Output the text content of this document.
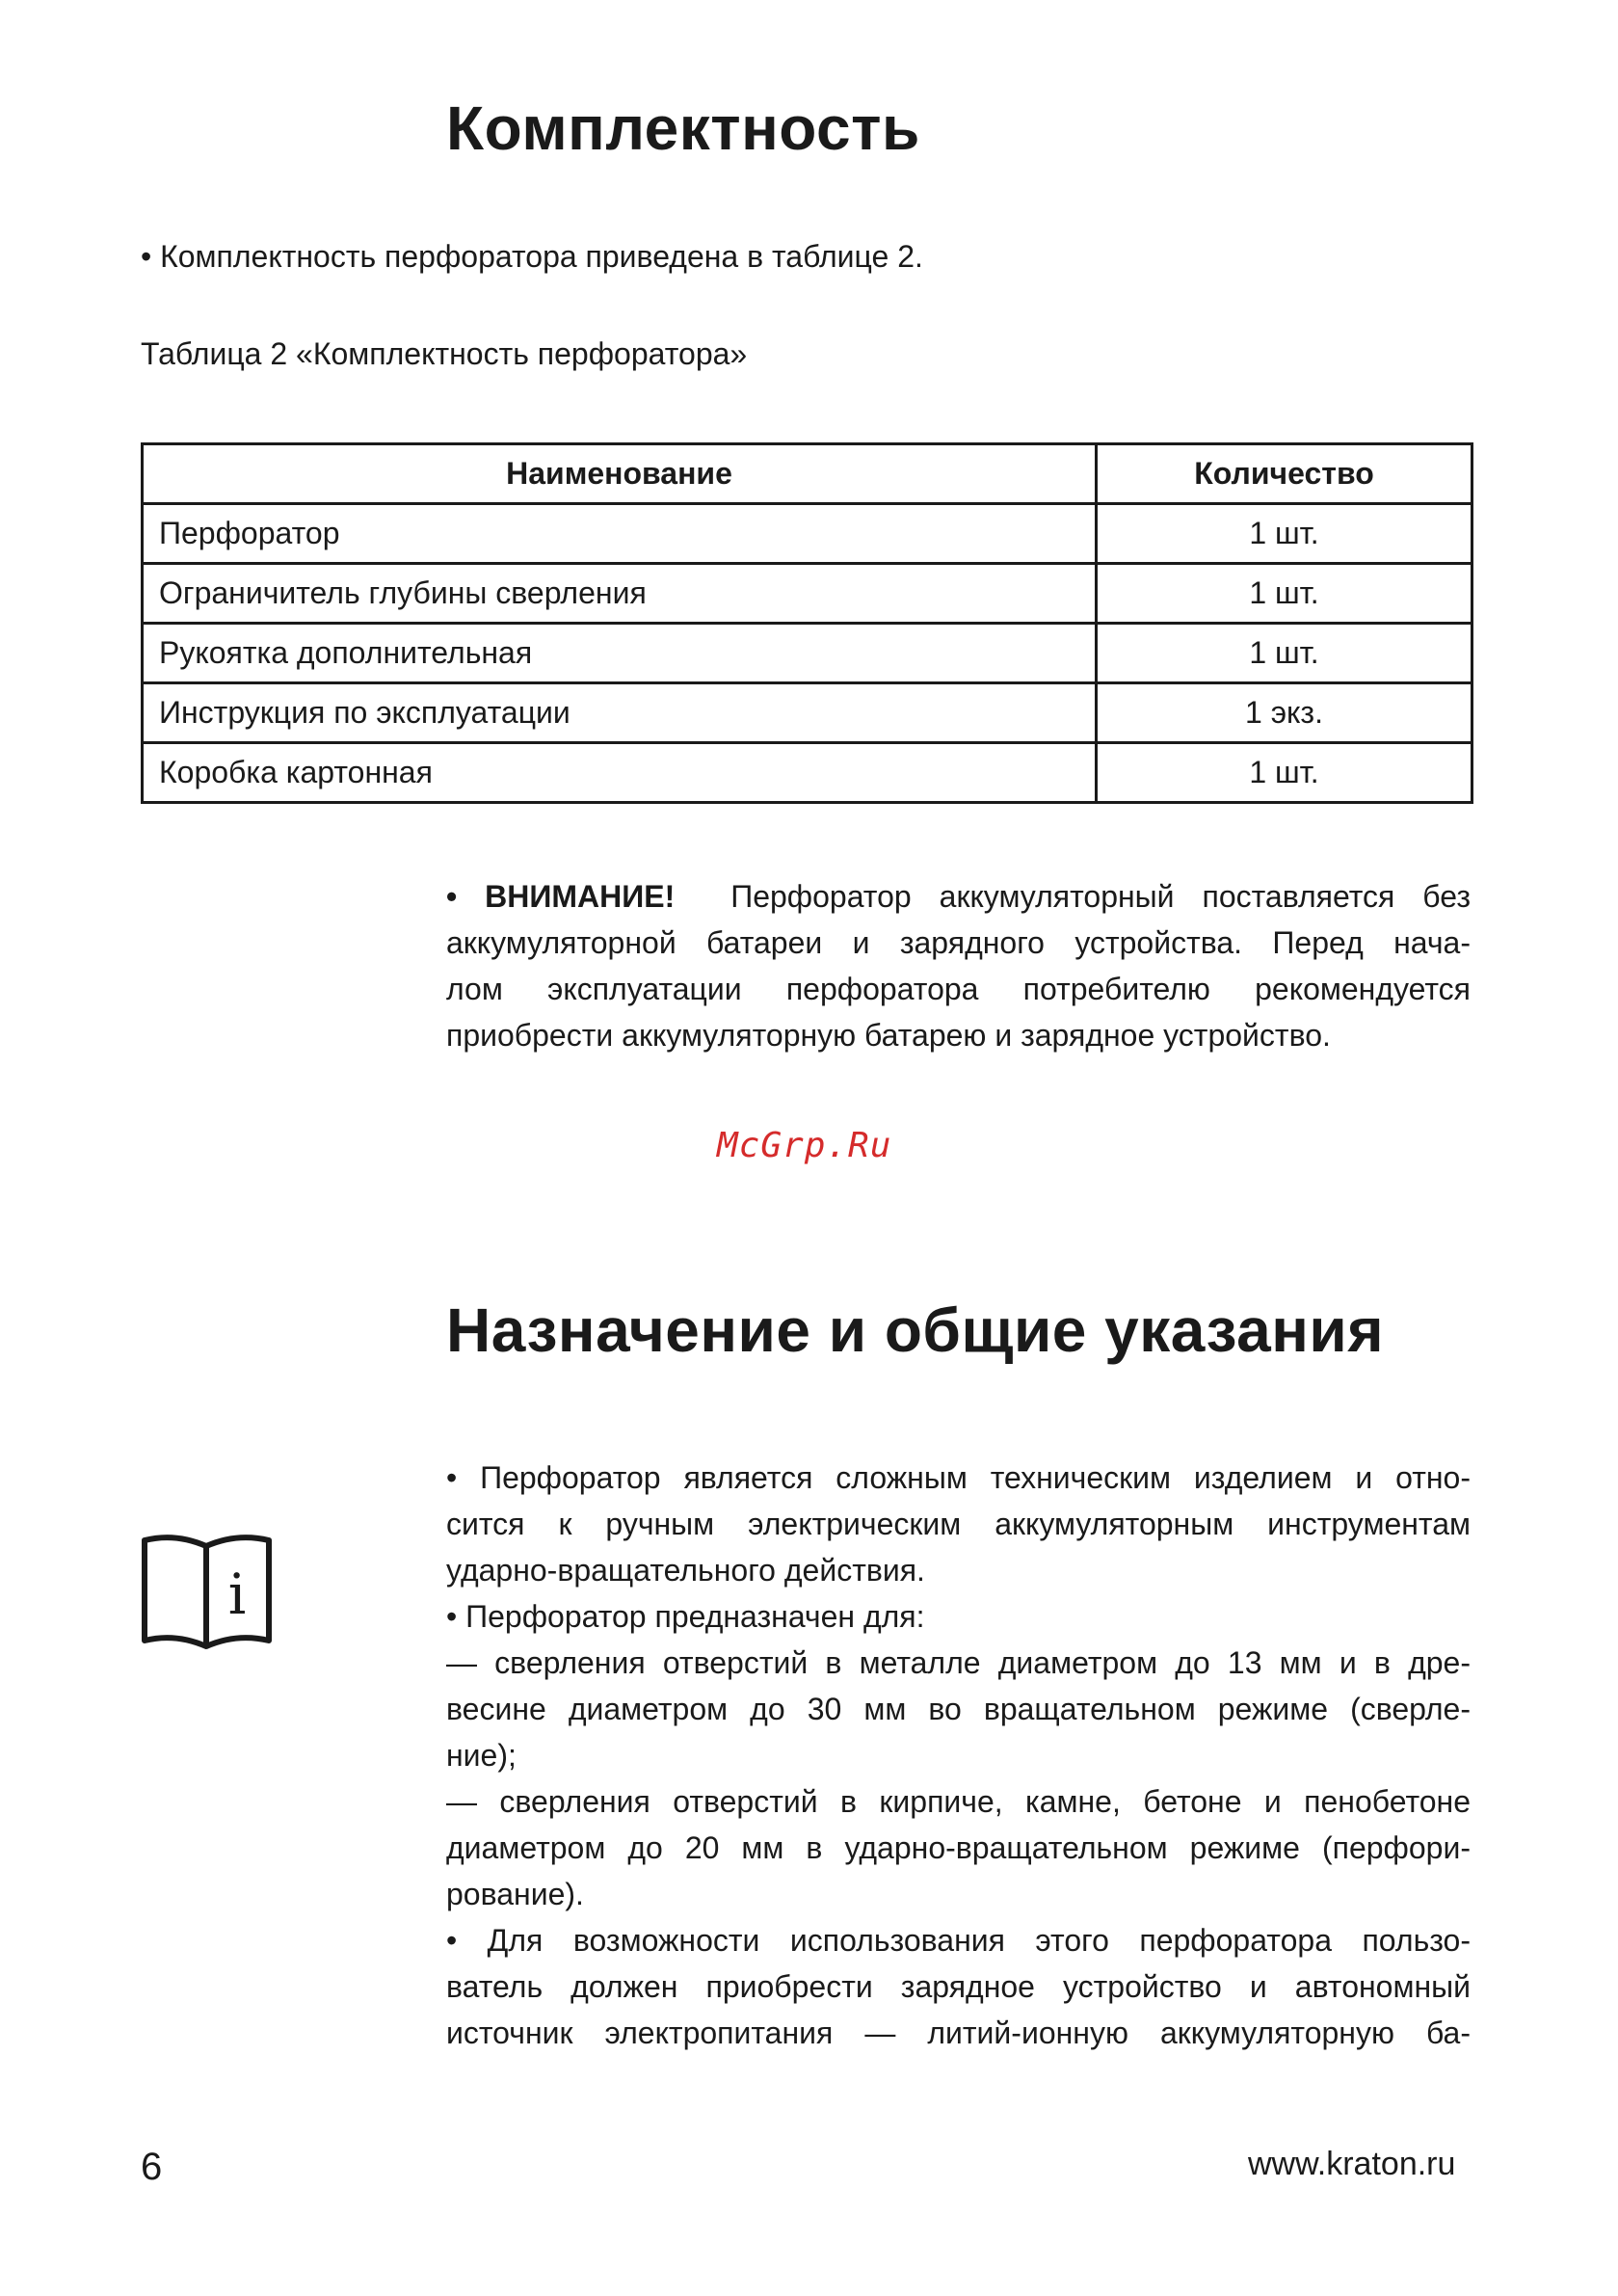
Комплектность
• Комплектность перфоратора приведена в таблице 2.
Таблица 2 «Комплектность перфоратора»
Наименование	Количество
Перфоратор	1 шт.
Ограничитель глубины сверления	1 шт.
Рукоятка дополнительная	1 шт.
Инструкция по эксплуатации	1 экз.
Коробка картонная	1 шт.
• ВНИМАНИЕ! Перфоратор аккумуляторный поставляется без
аккумуляторной батареи и зарядного устройства. Перед нача-
лом эксплуатации перфоратора потребителю рекомендуется
приобрести аккумуляторную батарею и зарядное устройство.
McGrp.Ru
Назначение и общие указания
i
• Перфоратор является сложным техническим изделием и отно-
сится к ручным электрическим аккумуляторным инструментам
ударно-вращательного действия.
• Перфоратор предназначен для:
— сверления отверстий в металле диаметром до 13 мм и в дре-
весине диаметром до 30 мм во вращательном режиме (сверле-
ние);
— сверления отверстий в кирпиче, камне, бетоне и пенобетоне
диаметром до 20 мм в ударно-вращательном режиме (перфори-
рование).
• Для возможности использования этого перфоратора пользо-
ватель должен приобрести зарядное устройство и автономный
источник электропитания — литий-ионную аккумуляторную ба-
6	www.kraton.ru
